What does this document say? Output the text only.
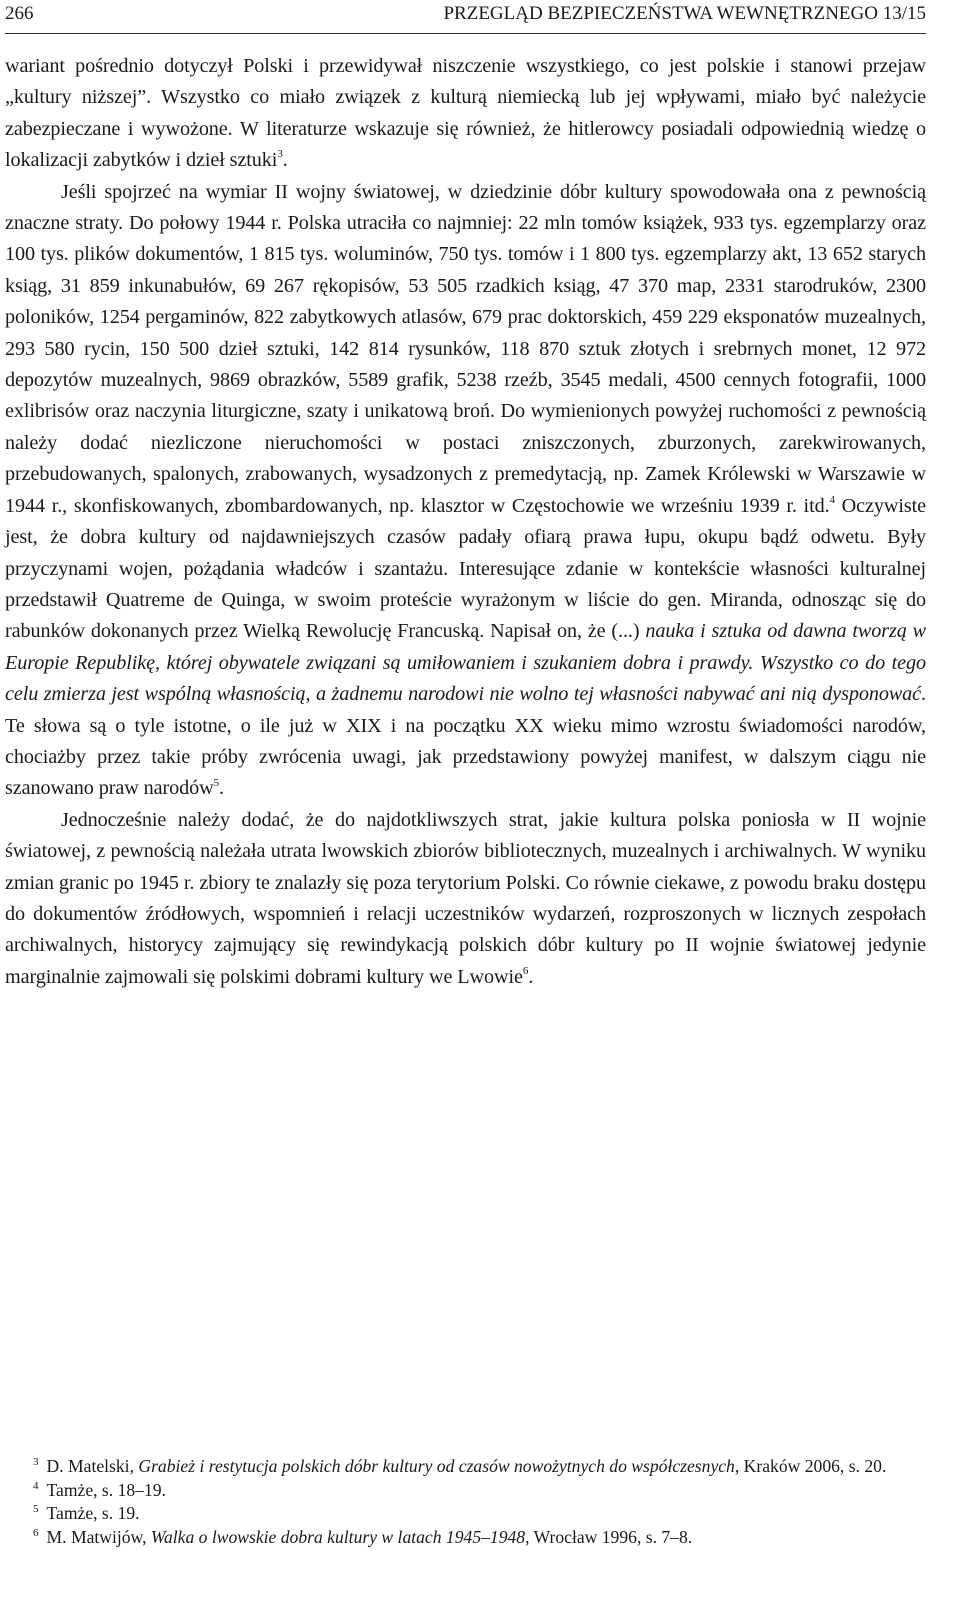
266	PRZEGLĄD BEZPIECZEŃSTWA WEWNĘTRZNEGO 13/15

wariant pośrednio dotyczył Polski i przewidywał niszczenie wszystkiego, co jest polskie i stanowi przejaw „kultury niższej”. Wszystko co miało związek z kulturą niemiecką lub jej wpływami, miało być należycie zabezpieczane i wywożone. W literaturze wskazuje się również, że hitlerowcy posiadali odpowiednią wiedzę o lokalizacji zabytków i dzieł sztuki$^3$.

Jeśli spojrzeć na wymiar II wojny światowej, w dziedzinie dóbr kultury spowodowała ona z pewnością znaczne straty. Do połowy 1944 r. Polska utraciła co najmniej: 22 mln tomów książek, 933 tys. egzemplarzy oraz 100 tys. plików dokumentów, 1 815 tys. woluminów, 750 tys. tomów i 1 800 tys. egzemplarzy akt, 13 652 starych ksiąg, 31 859 inkunabułów, 69 267 rękopisów, 53 505 rzadkich ksiąg, 47 370 map, 2331 starodruków, 2300 poloników, 1254 pergaminów, 822 zabytkowych atlasów, 679 prac doktorskich, 459 229 eksponatów muzealnych, 293 580 rycin, 150 500 dzieł sztuki, 142 814 rysunków, 118 870 sztuk złotych i srebrnych monet, 12 972 depozytów muzealnych, 9869 obrazków, 5589 grafik, 5238 rzeźb, 3545 medali, 4500 cennych fotografii, 1000 exlibrisów oraz naczynia liturgiczne, szaty i unikatową broń. Do wymienionych powyżej ruchomości z pewnością należy dodać niezliczone nieruchomości w postaci zniszczonych, zburzonych, zarekwirowanych, przebudowanych, spalonych, zrabowanych, wysadzonych z premedytacją, np. Zamek Królewski w Warszawie w 1944 r., skonfiskowanych, zbombardowanych, np. klasztor w Częstochowie we wrześniu 1939 r. itd.$^4$ Oczywiste jest, że dobra kultury od najdawniejszych czasów padały ofiarą prawa łupu, okupu bądź odwetu. Były przyczynami wojen, pożądania władców i szantażu. Interesujące zdanie w kontekście własności kulturalnej przedstawił Quatreme de Quinga, w swoim proteście wyrażonym w liście do gen. Miranda, odnosząc się do rabunków dokonanych przez Wielką Rewolucję Francuską. Napisał on, że (...) nauka i sztuka od dawna tworzą w Europie Republikę, której obywatele związani są umiłowaniem i szukaniem dobra i prawdy. Wszystko co do tego celu zmierza jest wspólną własnością, a żadnemu narodowi nie wolno tej własności nabywać ani nią dysponować. Te słowa są o tyle istotne, o ile już w XIX i na początku XX wieku mimo wzrostu świadomości narodów, chociażby przez takie próby zwrócenia uwagi, jak przedstawiony powyżej manifest, w dalszym ciągu nie szanowano praw narodów$^5$.

Jednocześnie należy dodać, że do najdotkliwszych strat, jakie kultura polska poniosła w II wojnie światowej, z pewnością należała utrata lwowskich zbiorów bibliotecznych, muzealnych i archiwalnych. W wyniku zmian granic po 1945 r. zbiory te znalazły się poza terytorium Polski. Co równie ciekawe, z powodu braku dostępu do dokumentów źródłowych, wspomnień i relacji uczestników wydarzeń, rozproszonych w licznych zespołach archiwalnych, historycy zajmujący się rewindykacją polskich dóbr kultury po II wojnie światowej jedynie marginalnie zajmowali się polskimi dobrami kultury we Lwowie$^6$.

$^3$ D. Matelski, Grabież i restytucja polskich dóbr kultury od czasów nowożytnych do współczesnych, Kraków 2006, s. 20.

$^4$ Tamże, s. 18–19.

$^5$ Tamże, s. 19.

$^6$ M. Matwijów, Walka o lwowskie dobra kultury w latach 1945–1948, Wrocław 1996, s. 7–8.
